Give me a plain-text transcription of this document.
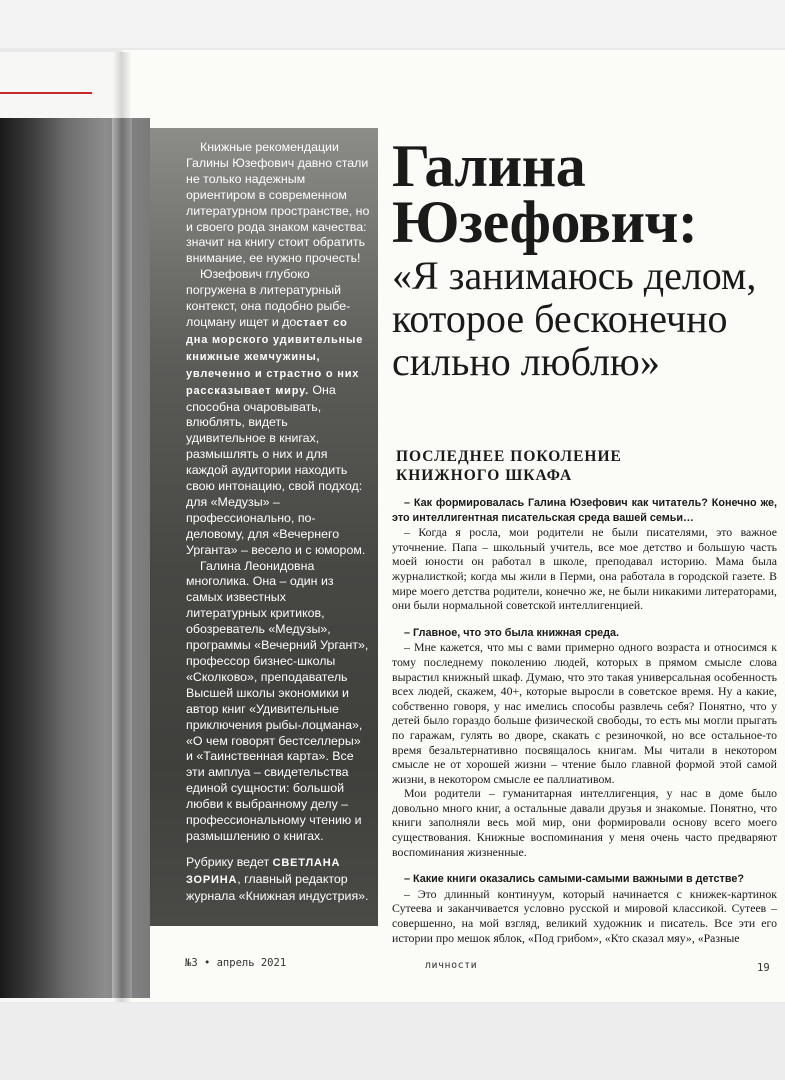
Книжные рекомендации Галины Юзефович давно стали не только надежным ориентиром в современном литературном пространстве, но и своего рода знаком качества: значит на книгу стоит обратить внимание, ее нужно прочесть!

Юзефович глубоко погружена в литературный контекст, она подобно рыбе-лоцману ищет и достает со дна морского удивительные книжные жемчужины, увлеченно и страстно о них рассказывает миру. Она способна очаровывать, влюблять, видеть удивительное в книгах, размышлять о них и для каждой аудитории находить свою интонацию, свой подход: для «Медузы» – профессионально, по-деловому, для «Вечернего Урганта» – весело и с юмором.

Галина Леонидовна многолика. Она – один из самых известных литературных критиков, обозреватель «Медузы», программы «Вечерний Ургант», профессор бизнес-школы «Сколково», преподаватель Высшей школы экономики и автор книг «Удивительные приключения рыбы-лоцмана», «О чем говорят бестселлеры» и «Таинственная карта». Все эти амплуа – свидетельства единой сущности: большой любви к выбранному делу – профессиональному чтению и размышлению о книгах.

Рубрику ведет СВЕТЛАНА ЗОРИНА, главный редактор журнала «Книжная индустрия».

Галина Юзефович:
«Я занимаюсь делом, которое бесконечно сильно люблю»
ПОСЛЕДНЕЕ ПОКОЛЕНИЕ КНИЖНОГО ШКАФА

– Как формировалась Галина Юзефович как читатель? Конечно же, это интеллигентная писательская среда вашей семьи…

– Когда я росла, мои родители не были писателями, это важное уточнение. Папа – школьный учитель, все мое детство и большую часть моей юности он работал в школе, преподавал историю. Мама была журналисткой; когда мы жили в Перми, она работала в городской газете. В мире моего детства родители, конечно же, не были никакими литераторами, они были нормальной советской интеллигенцией.

– Главное, что это была книжная среда.

– Мне кажется, что мы с вами примерно одного возраста и относимся к тому последнему поколению людей, которых в прямом смысле слова вырастил книжный шкаф. Думаю, что это такая универсальная особенность всех людей, скажем, 40+, которые выросли в советское время. Ну а какие, собственно говоря, у нас имелись способы развлечь себя? Понятно, что у детей было гораздо больше физической свободы, то есть мы могли прыгать по гаражам, гулять во дворе, скакать с резиночкой, но все остальное-то время безальтернативно посвящалось книгам. Мы читали в некотором смысле не от хорошей жизни – чтение было главной формой этой самой жизни, в некотором смысле ее паллиативом.

Мои родители – гуманитарная интеллигенция, у нас в доме было довольно много книг, а остальные давали друзья и знакомые. Понятно, что книги заполняли весь мой мир, они формировали основу всего моего существования. Книжные воспоминания у меня очень часто предваряют воспоминания жизненные.

– Какие книги оказались самыми-самыми важными в детстве?

– Это длинный континуум, который начинается с книжек-картинок Сутеева и заканчивается условно русской и мировой классикой. Сутеев – совершенно, на мой взгляд, великий художник и писатель. Все эти его истории про мешок яблок, «Под грибом», «Кто сказал мяу», «Разные

№3 • апрель 2021	личности	19
